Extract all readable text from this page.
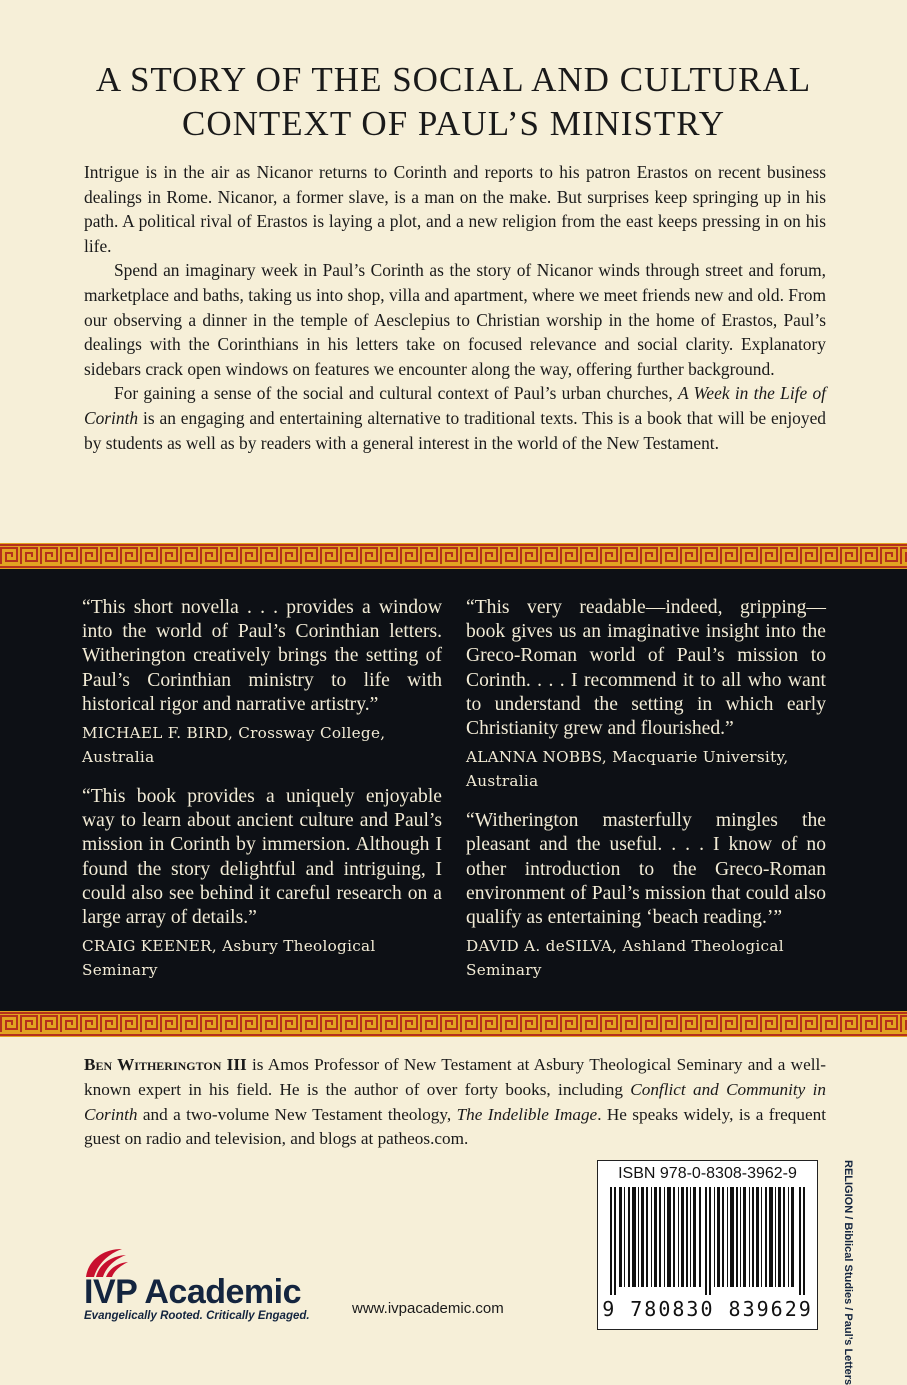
A STORY OF THE SOCIAL AND CULTURAL
CONTEXT OF PAUL’S MINISTRY

Intrigue is in the air as Nicanor returns to Corinth and reports to his patron Erastos on recent business dealings in Rome. Nicanor, a former slave, is a man on the make. But surprises keep springing up in his path. A political rival of Erastos is laying a plot, and a new religion from the east keeps pressing in on his life.

Spend an imaginary week in Paul’s Corinth as the story of Nicanor winds through street and forum, marketplace and baths, taking us into shop, villa and apartment, where we meet friends new and old. From our observing a dinner in the temple of Aesclepius to Christian worship in the home of Erastos, Paul’s dealings with the Corinthians in his letters take on focused relevance and social clarity. Explanatory sidebars crack open windows on features we encounter along the way, offering further background.

For gaining a sense of the social and cultural context of Paul’s urban churches, A Week in the Life of Corinth is an engaging and entertaining alternative to traditional texts. This is a book that will be enjoyed by students as well as by readers with a general interest in the world of the New Testament.

“This short novella . . . provides a window into the world of Paul’s Corinthian letters. Witherington creatively brings the setting of Paul’s Corinthian ministry to life with historical rigor and narrative artistry.”
MICHAEL F. BIRD, Crossway College, Australia
“This book provides a uniquely enjoyable way to learn about ancient culture and Paul’s mission in Corinth by immersion. Although I found the story delightful and intriguing, I could also see behind it careful research on a large array of details.”
CRAIG KEENER, Asbury Theological Seminary
“This very readable—indeed, gripping—book gives us an imaginative insight into the Greco-Roman world of Paul’s mission to Corinth. . . . I recommend it to all who want to understand the setting in which early Christianity grew and flourished.”
ALANNA NOBBS, Macquarie University, Australia
“Witherington masterfully mingles the pleasant and the useful. . . . I know of no other introduction to the Greco-Roman environment of Paul’s mission that could also qualify as entertaining ‘beach reading.’”
DAVID A. deSILVA, Ashland Theological Seminary
Ben Witherington III is Amos Professor of New Testament at Asbury Theological Seminary and a well-known expert in his field. He is the author of over forty books, including Conflict and Community in Corinth and a two-volume New Testament theology, The Indelible Image. He speaks widely, is a frequent guest on radio and television, and blogs at patheos.com.
IVP Academic
Evangelically Rooted. Critically Engaged.	www.ivpacademic.com
ISBN 978-0-8308-3962-9
9 780830 839629	RELIGION / Biblical Studies / Paul’s Letters
